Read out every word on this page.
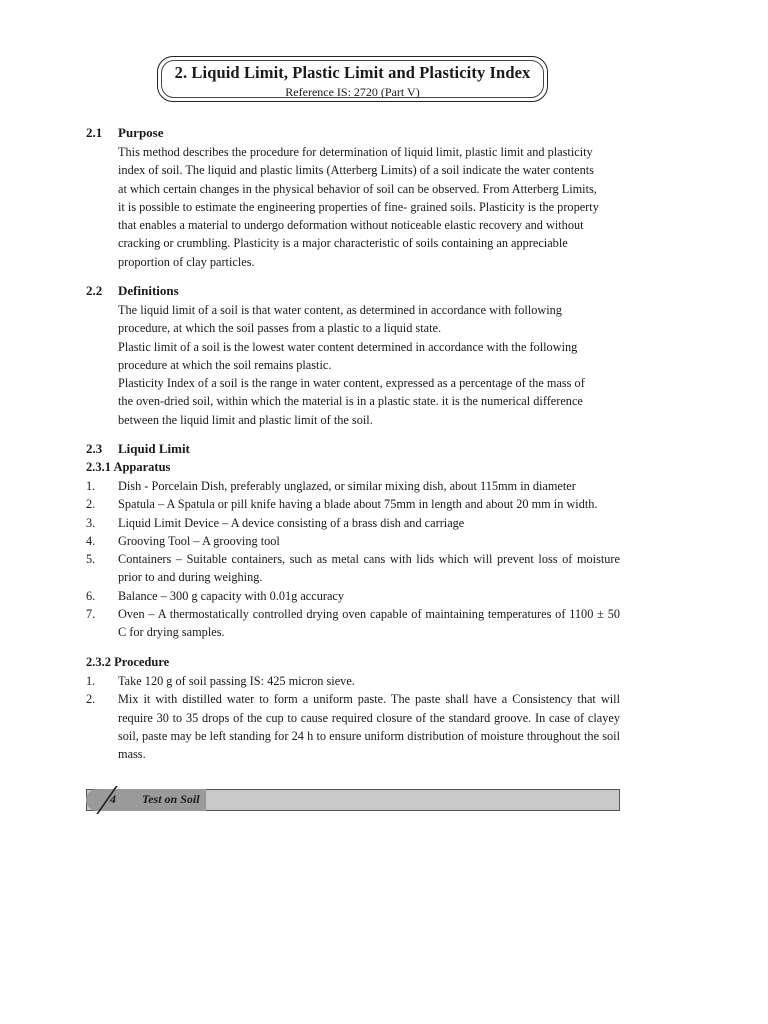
2. Liquid Limit, Plastic Limit and Plasticity Index
Reference IS: 2720 (Part V)
2.1 Purpose
This method describes the procedure for determination of liquid limit, plastic limit and plasticity
index of soil. The liquid and plastic limits (Atterberg Limits) of a soil indicate the water contents
at which certain changes in the physical behavior of soil can be observed. From Atterberg Limits,
it is possible to estimate the engineering properties of fine- grained soils. Plasticity is the property
that enables a material to undergo deformation without noticeable elastic recovery and without
cracking or crumbling. Plasticity is a major characteristic of soils containing an appreciable
proportion of clay particles.
2.2 Definitions
The liquid limit of a soil is that water content, as determined in accordance with following
procedure, at which the soil passes from a plastic to a liquid state.
Plastic limit of a soil is the lowest water content determined in accordance with the following
procedure at which the soil remains plastic.
Plasticity Index of a soil is the range in water content, expressed as a percentage of the mass of
the oven-dried soil, within which the material is in a plastic state. it is the numerical difference
between the liquid limit and plastic limit of the soil.
2.3 Liquid Limit
2.3.1 Apparatus
1.	Dish - Porcelain Dish, preferably unglazed, or similar mixing dish, about 115mm in diameter
2.	Spatula – A Spatula or pill knife having a blade about 75mm in length and about 20 mm in width.
3.	Liquid Limit Device – A device consisting of a brass dish and carriage
4.	Grooving Tool – A grooving tool
5.	Containers – Suitable containers, such as metal cans with lids which will prevent loss of moisture prior to and during weighing.
6.	Balance – 300 g capacity with 0.01g accuracy
7.	Oven – A thermostatically controlled drying oven capable of maintaining temperatures of 1100 ± 50 C for drying samples.
2.3.2 Procedure
1.	Take 120 g of soil passing IS: 425 micron sieve.
2.	Mix it with distilled water to form a uniform paste. The paste shall have a Consistency that will require 30 to 35 drops of the cup to cause required closure of the standard groove. In case of clayey soil, paste may be left standing for 24 h to ensure uniform distribution of moisture throughout the soil mass.
4 Test on Soil
